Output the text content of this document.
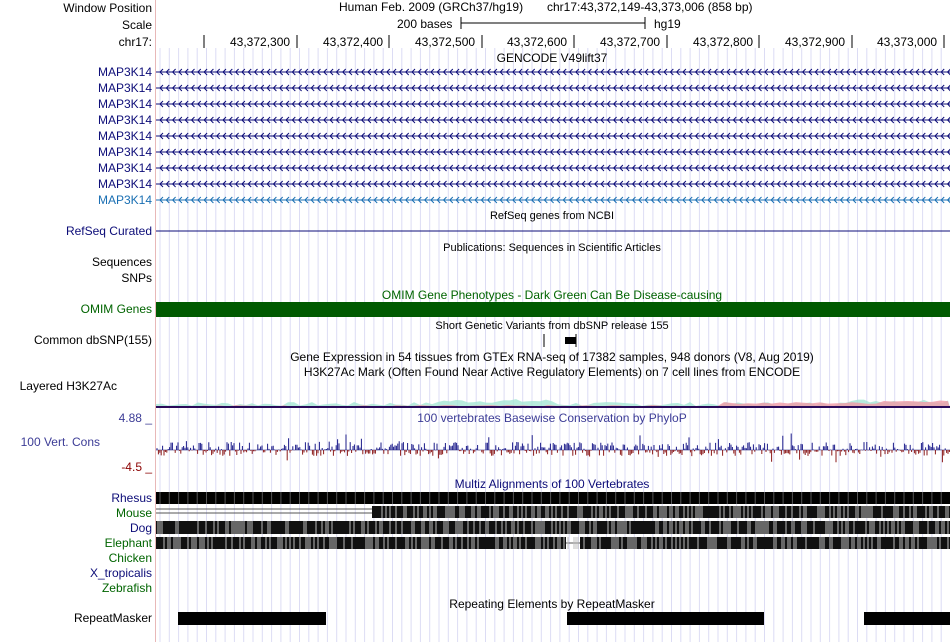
Window Position
Scale
chr17:
MAP3K14
MAP3K14
MAP3K14
MAP3K14
MAP3K14
MAP3K14
MAP3K14
MAP3K14
MAP3K14
RefSeq Curated
Sequences
SNPs
OMIM Genes
Common dbSNP(155)
Layered H3K27Ac
4.88 _
100 Vert. Cons
-4.5 _
Rhesus
Mouse
Dog
Elephant
Chicken
X_tropicalis
Zebrafish
RepeatMasker
Human Feb. 2009 (GRCh37/hg19) chr17:43,372,149-43,373,006 (858 bp)
200 bases	hg19
43,372,300	43,372,400	43,372,500	43,372,600	43,372,700	43,372,800	43,372,900	43,373,000
GENCODE V49lift37
RefSeq genes from NCBI
Publications: Sequences in Scientific Articles
OMIM Gene Phenotypes - Dark Green Can Be Disease-causing
Short Genetic Variants from dbSNP release 155
Gene Expression in 54 tissues from GTEx RNA-seq of 17382 samples, 948 donors (V8, Aug 2019)
H3K27Ac Mark (Often Found Near Active Regulatory Elements) on 7 cell lines from ENCODE
100 vertebrates Basewise Conservation by PhyloP
Multiz Alignments of 100 Vertebrates
Repeating Elements by RepeatMasker
